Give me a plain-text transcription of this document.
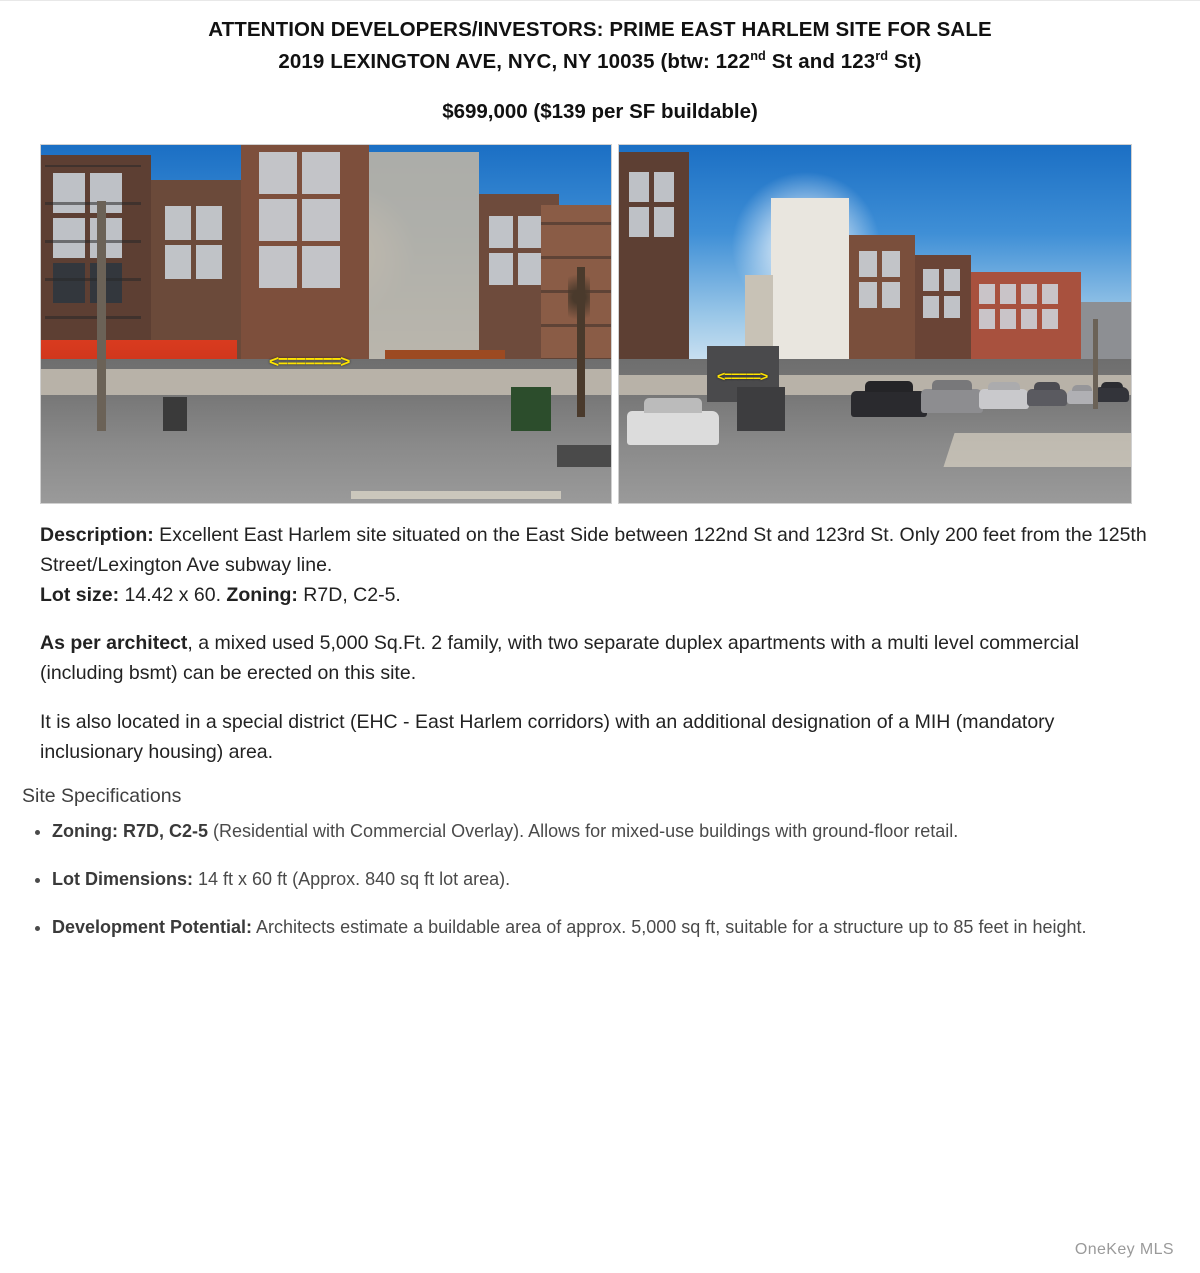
ATTENTION DEVELOPERS/INVESTORS: PRIME EAST HARLEM SITE FOR SALE
2019 LEXINGTON AVE, NYC, NY 10035 (btw: 122nd St and 123rd St)
$699,000 ($139 per SF buildable)
<=======>
<=====>

Description: Excellent East Harlem site situated on the East Side between 122nd St and 123rd St. Only 200 feet from the 125th Street/Lexington Ave subway line.
Lot size: 14.42 x 60. Zoning: R7D, C2-5.

As per architect, a mixed used 5,000 Sq.Ft. 2 family, with two separate duplex apartments with a multi level commercial (including bsmt) can be erected on this site.

It is also located in a special district (EHC - East Harlem corridors) with an additional designation of a MIH (mandatory inclusionary housing) area.

Site Specifications
• Zoning: R7D, C2-5 (Residential with Commercial Overlay). Allows for mixed-use buildings with ground-floor retail.
• Lot Dimensions: 14 ft x 60 ft (Approx. 840 sq ft lot area).
• Development Potential: Architects estimate a buildable area of approx. 5,000 sq ft, suitable for a structure up to 85 feet in height.
OneKey MLS
